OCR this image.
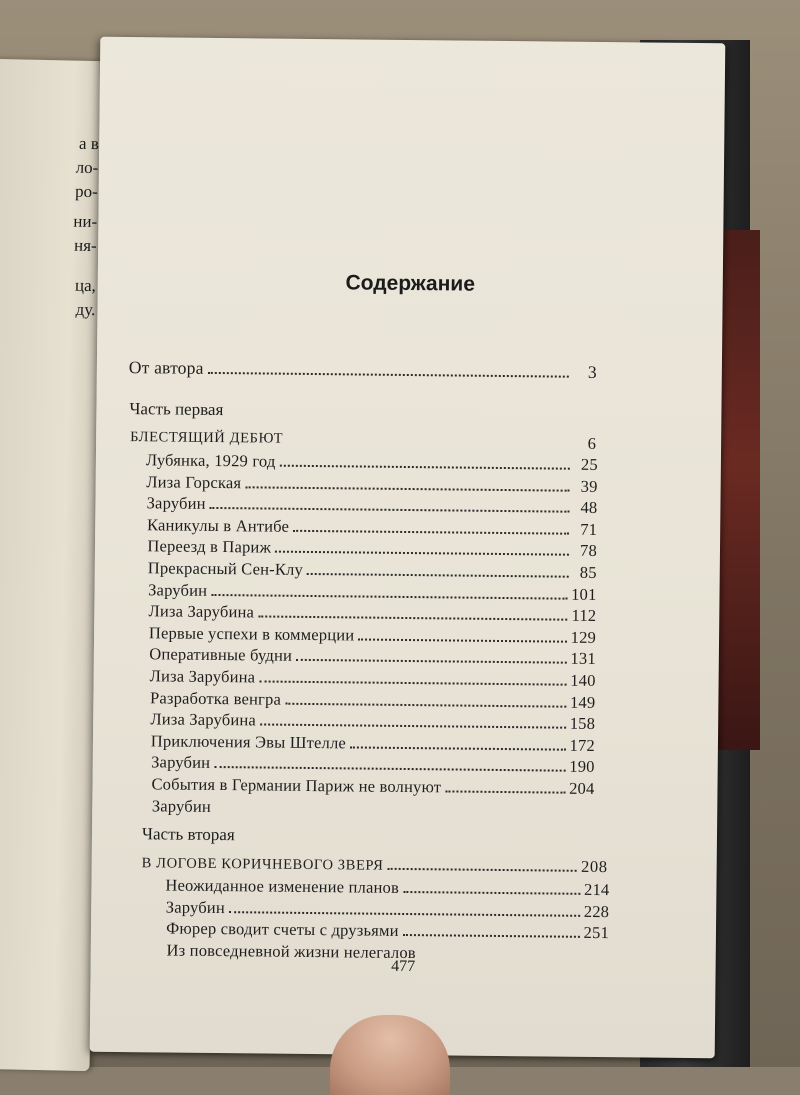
а в
ло-
ро-
ни-
ня-
ца,
ду.
Содержание
От автора	3
Часть первая
БЛЕСТЯЩИЙ ДЕБЮТ	6
Лубянка, 1929 год	25
Лиза Горская	39
Зарубин	48
Каникулы в Антибе	71
Переезд в Париж	78
Прекрасный Сен-Клу	85
Зарубин	101
Лиза Зарубина	112
Первые успехи в коммерции	129
Оперативные будни	131
Лиза Зарубина	140
Разработка венгра	149
Лиза Зарубина	158
Приключения Эвы Штелле	172
Зарубин	190
События в Германии Париж не волнуют	204
Зарубин
Часть вторая
В ЛОГОВЕ КОРИЧНЕВОГО ЗВЕРЯ	208
Неожиданное изменение планов	214
Зарубин	228
Фюрер сводит счеты с друзьями	251
Из повседневной жизни нелегалов
477
